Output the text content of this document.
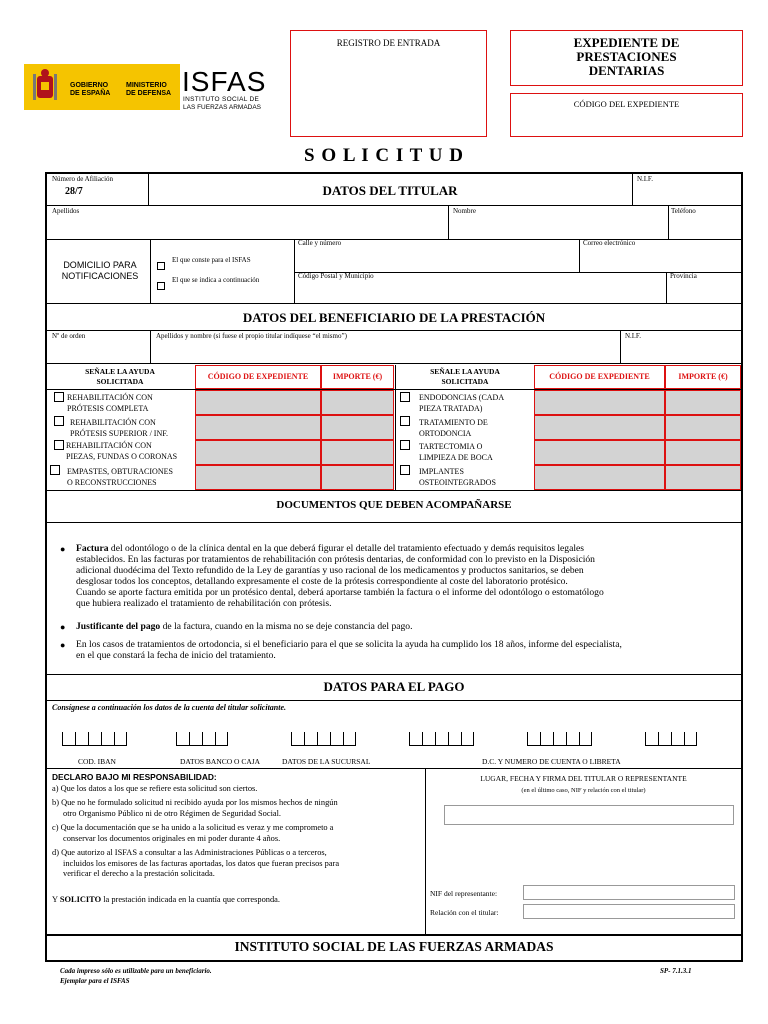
GOBIERNO DE ESPAÑA
MINISTERIO DE DEFENSA ISFAS
INSTITUTO SOCIAL DE
LAS FUERZAS ARMADAS
REGISTRO DE ENTRADA	EXPEDIENTE DE
PRESTACIONES
DENTARIAS
CÓDIGO DEL EXPEDIENTE
S O L I C I T U D
Número de Afiliación
28/7	DATOS DEL TITULAR
N.I.F.
Apellidos	Nombre	Teléfono
DOMICILIO PARA
NOTIFICACIONES
El que conste para el ISFAS
El que se indica a continuación
Calle y número	Correo electrónico
Código Postal y Municipio	Provincia
DATOS DEL BENEFICIARIO DE LA PRESTACIÓN
Nº de orden	Apellidos y nombre (si fuese el propio titular indíquese “el mismo”)	N.I.F.
SEÑALE LA AYUDA
SOLICITADA
CÓDIGO DE EXPEDIENTE	IMPORTE (€)
SEÑALE LA AYUDA
SOLICITADA
CÓDIGO DE EXPEDIENTE	IMPORTE (€)
REHABILITACIÓN CON
PRÓTESIS COMPLETA
REHABILITACIÓN CON
PRÓTESIS SUPERIOR / INF.
REHABILITACIÓN CON
PIEZAS, FUNDAS O CORONAS
EMPASTES, OBTURACIONES
O RECONSTRUCCIONES
ENDODONCIAS (CADA
PIEZA TRATADA)
TRATAMIENTO DE
ORTODONCIA
TARTECTOMIA O
LIMPIEZA DE BOCA
IMPLANTES
OSTEOINTEGRADOS
DOCUMENTOS QUE DEBEN ACOMPAÑARSE
● Factura del odontólogo o de la clínica dental en la que deberá figurar el detalle del tratamiento efectuado y demás requisitos legales
establecidos. En las facturas por tratamientos de rehabilitación con prótesis dentarias, de conformidad con lo previsto en la Disposición
adicional duodécima del Texto refundido de la Ley de garantías y uso racional de los medicamentos y productos sanitarios, se deben
desglosar todos los conceptos, detallando expresamente el coste de la prótesis correspondiente al coste del laboratorio protésico.
Cuando se aporte factura emitida por un protésico dental, deberá aportarse también la factura o el informe del odontólogo o estomatólogo
que hubiera realizado el tratamiento de rehabilitación con prótesis.
● Justificante del pago de la factura, cuando en la misma no se deje constancia del pago.
● En los casos de tratamientos de ortodoncia, si el beneficiario para el que se solicita la ayuda ha cumplido los 18 años, informe del especialista,
en el que constará la fecha de inicio del tratamiento.
DATOS PARA EL PAGO
Consígnese a continuación los datos de la cuenta del titular solicitante.
COD. IBAN	DATOS BANCO O CAJA	DATOS DE LA SUCURSAL	D.C. Y NUMERO DE CUENTA O LIBRETA
DECLARO BAJO MI RESPONSABILIDAD:
a) Que los datos a los que se refiere esta solicitud son ciertos.
b) Que no he formulado solicitud ni recibido ayuda por los mismos hechos de ningún
otro Organismo Público ni de otro Régimen de Seguridad Social.
c) Que la documentación que se ha unido a la solicitud es veraz y me comprometo a
conservar los documentos originales en mi poder durante 4 años.
d) Que autorizo al ISFAS a consultar a las Administraciones Públicas o a terceros,
incluidos los emisores de las facturas aportadas, los datos que fueran precisos para
verificar el derecho a la prestación solicitada.
Y SOLICITO la prestación indicada en la cuantía que corresponda.
LUGAR, FECHA Y FIRMA DEL TITULAR O REPRESENTANTE
(en el último caso, NIF y relación con el titular)
NIF del representante:
Relación con el titular:
INSTITUTO SOCIAL DE LAS FUERZAS ARMADAS
Cada impreso sólo es utilizable para un beneficiario.
Ejemplar para el ISFAS
SP- 7.1.3.1
